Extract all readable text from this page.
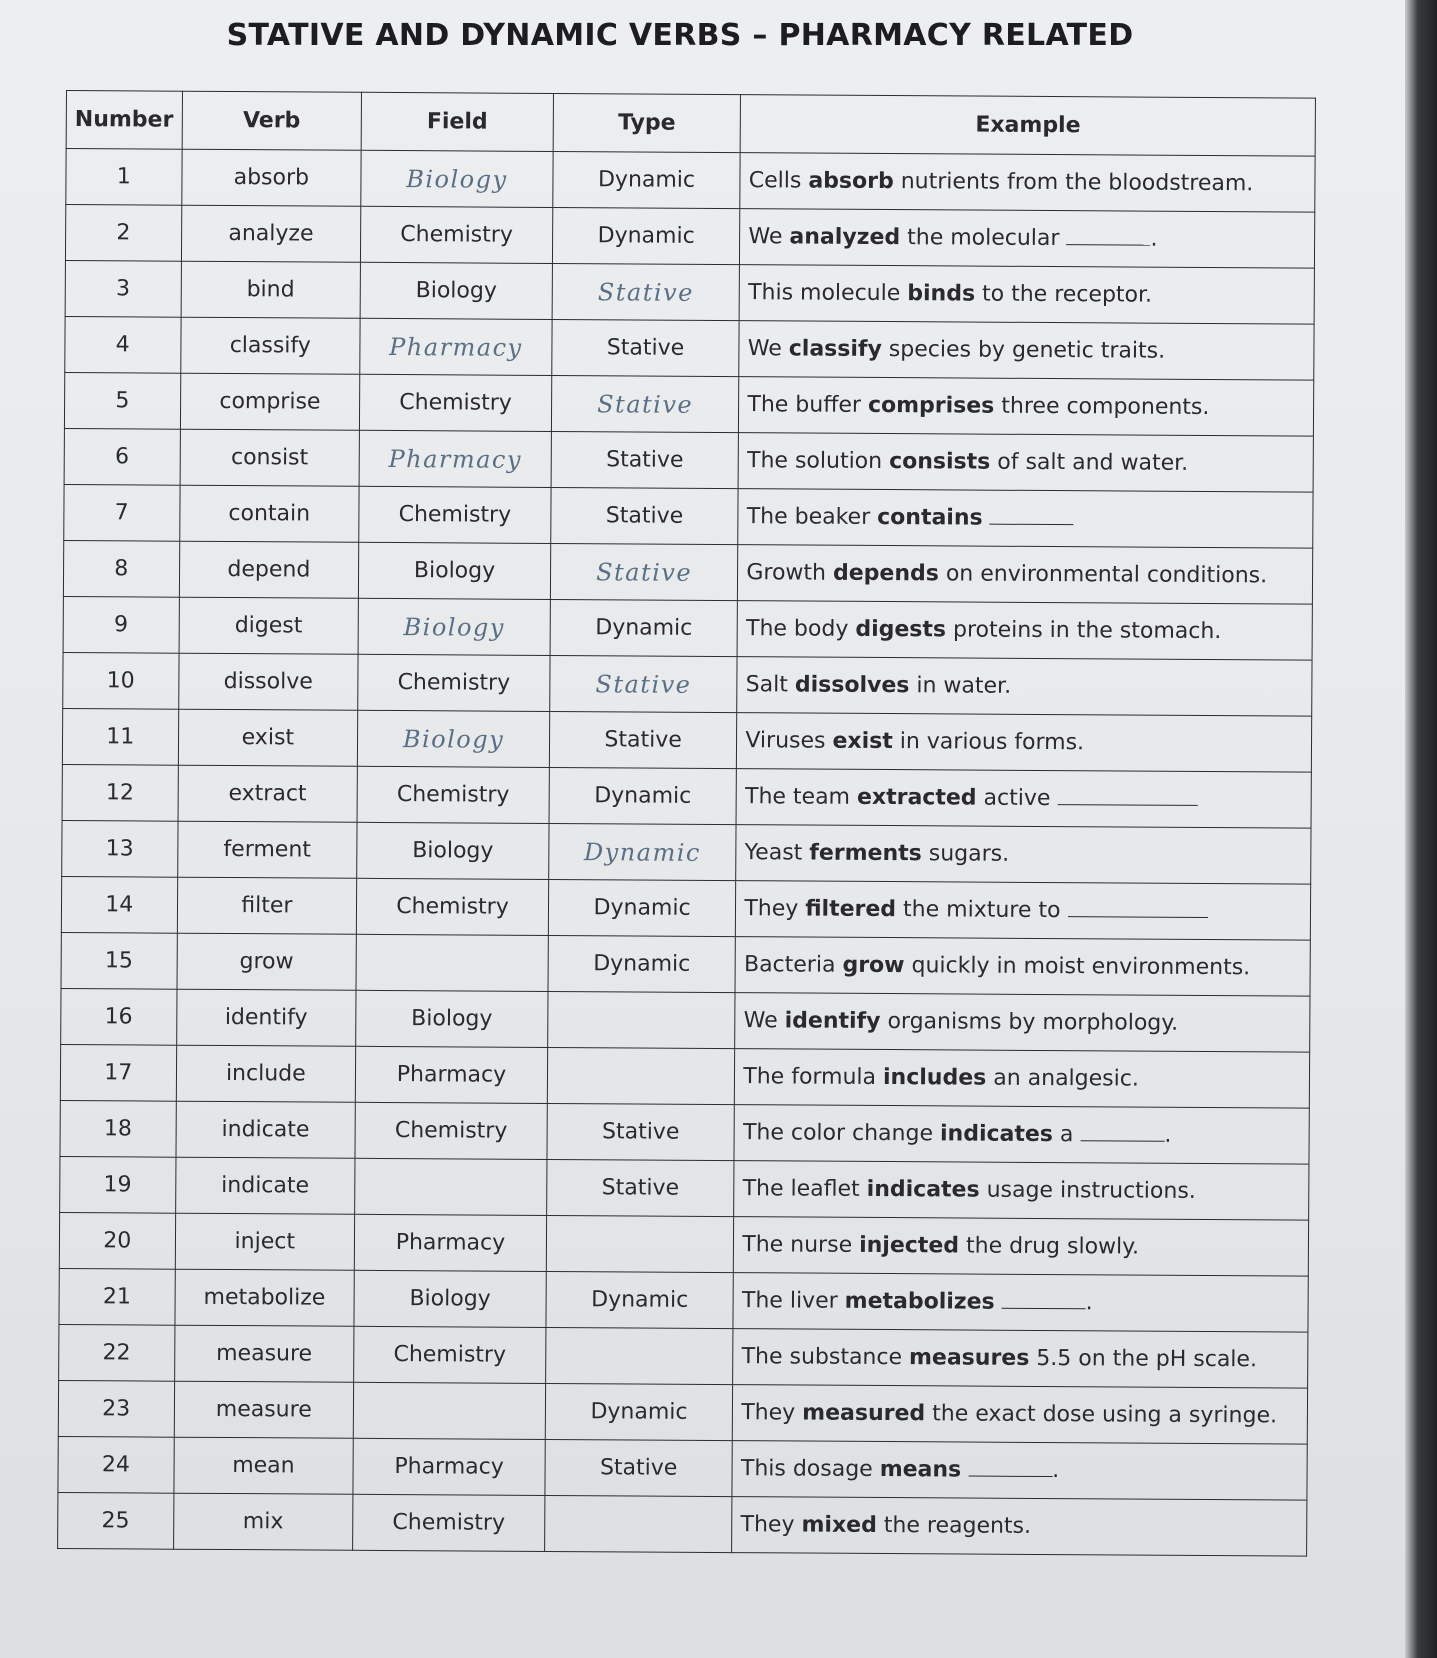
STATIVE AND DYNAMIC VERBS – PHARMACY RELATED
Number	Verb	Field	Type	Example
1	absorb	Biology	Dynamic	Cells absorb nutrients from the bloodstream.
2	analyze	Chemistry	Dynamic	We analyzed the molecular .
3	bind	Biology	Stative	This molecule binds to the receptor.
4	classify	Pharmacy	Stative	We classify species by genetic traits.
5	comprise	Chemistry	Stative	The buffer comprises three components.
6	consist	Pharmacy	Stative	The solution consists of salt and water.
7	contain	Chemistry	Stative	The beaker contains
8	depend	Biology	Stative	Growth depends on environmental conditions.
9	digest	Biology	Dynamic	The body digests proteins in the stomach.
10	dissolve	Chemistry	Stative	Salt dissolves in water.
11	exist	Biology	Stative	Viruses exist in various forms.
12	extract	Chemistry	Dynamic	The team extracted active
13	ferment	Biology	Dynamic	Yeast ferments sugars.
14	filter	Chemistry	Dynamic	They filtered the mixture to
15	grow		Dynamic	Bacteria grow quickly in moist environments.
16	identify	Biology		We identify organisms by morphology.
17	include	Pharmacy		The formula includes an analgesic.
18	indicate	Chemistry	Stative	The color change indicates a .
19	indicate		Stative	The leaflet indicates usage instructions.
20	inject	Pharmacy		The nurse injected the drug slowly.
21	metabolize	Biology	Dynamic	The liver metabolizes .
22	measure	Chemistry		The substance measures 5.5 on the pH scale.
23	measure		Dynamic	They measured the exact dose using a syringe.
24	mean	Pharmacy	Stative	This dosage means .
25	mix	Chemistry		They mixed the reagents.
